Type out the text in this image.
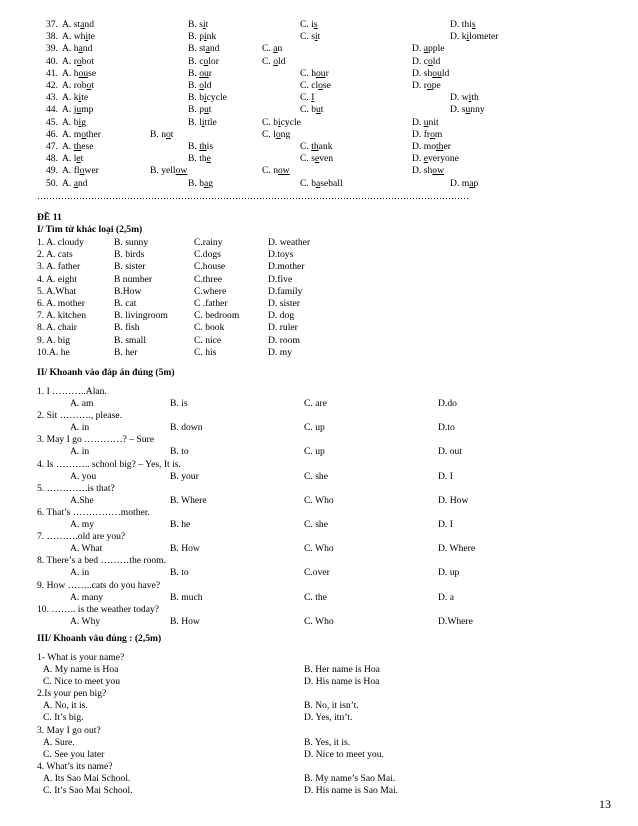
37. A. stand	B. sit	C. is	D. this
38. A. white	B. pink	C. sit	D. kilometer
39. A. hand	B. stand	C. an	D. apple
40. A. robot	B. color	C. old	D. cold
41. A. house	B. our	C. hour	D. should
42. A. robot	B. old	C. close	D. rope
43. A. kite	B. bicycle	C. I	D. with
44. A. jump	B. put	C. but	D. sunny
45. A. big	B. little	C. bicycle	D. unit
46. A. mother	B. not	C. long	D. from
47. A. these	B. this	C. thank	D. mother
48. A. let	B. the	C. seven	D. everyone
49. A. flower	B. yellow	C. now	D. show
50. A. and	B. bag	C. baseball	D. map
………………………………………………………………………………………………………………………………
ĐỀ 11
I/ Tìm từ khác loại (2,5m)
1. A. cloudy	B. sunny	C.rainy	D. weather
2. A. cats	B. birds	C.dogs	D.toys
3. A. father	B. sister	C.house	D.mother
4. A. eight	B number	C.three	D.five
5. A.What	B.How	C.where	D.family
6. A. mother	B. cat	C .father	D. sister
7. A. kitchen	B. livingroom	C. bedroom	D. dog
8. A. chair	B. fish	C. book	D. ruler
9. A. big	B. small	C. nice	D. room
10.A. he	B. her	C. his	D. my
II/ Khoanh vào đáp án đúng (5m)
1. I ………..Alan.
A. am	B. is	C. are	D.do
2. Sit ………., please.
A. in	B. down	C. up	D.to
3. May I go …………? – Sure
A. in	B. to	C. up	D. out
4. Is ……….. school big? – Yes, It is.
A. you	B. your	C. she	D. I
5. ………….is that?
A.She	B. Where	C. Who	D. How
6. That’s ……………mother.
A. my	B. he	C. she	D. I
7. ……….old are you?
A. What	B. How	C. Who	D. Where
8. There’s a bed ………the room.
A. in	B. to	C.over	D. up
9. How ……..cats do you have?
A. many	B. much	C. the	D. a
10. …….. is the weather today?
A. Why	B. How	C. Who	D.Where
III/ Khoanh vâu đúng : (2,5m)
1- What is your name?
A. My name is Hoa	B. Her name is Hoa
C. Nice to meet you	D. His name is Hoa
2.Is your pen big?
A. No, it is.	B. No, it isn’t.
C. It’s big.	D. Yes, itn’t.
3. May I go out?
A. Sure.	B. Yes, it is.
C. See you later	D. Nice to meet you.
4. What’s its name?
A. Its Sao Mai School.	B. My name’s Sao Mai.
C. It’s Sao Mai School.	D. His name is Sao Mai.
13
